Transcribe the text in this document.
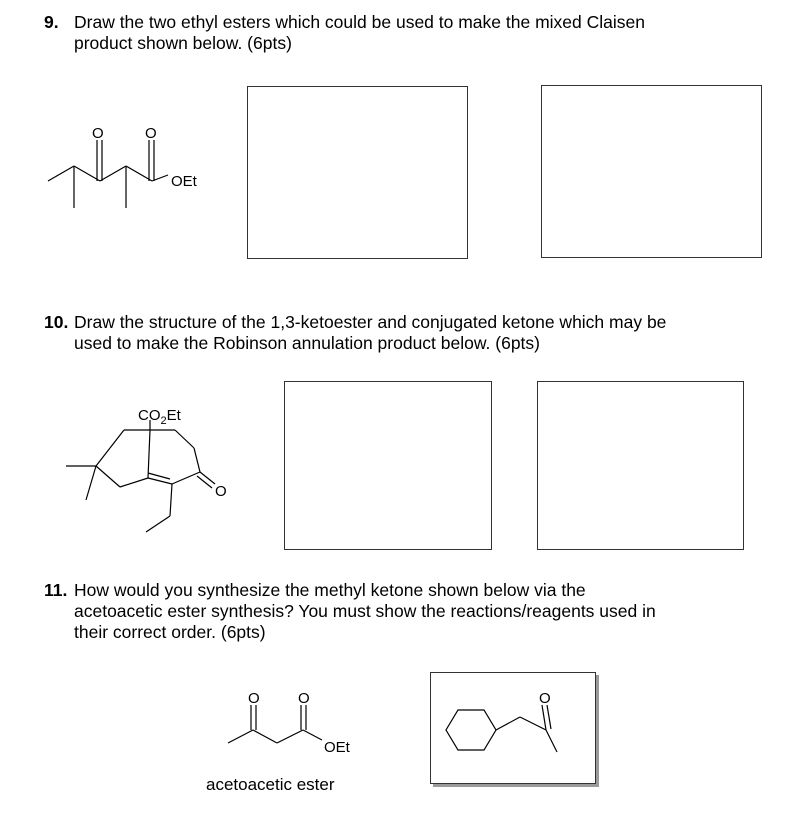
9. Draw the two ethyl esters which could be used to make the mixed Claisen
product shown below. (6pts)
O	O
OEt
10. Draw the structure of the 1,3-ketoester and conjugated ketone which may be
used to make the Robinson annulation product below. (6pts)
$CO_2Et$
O
11. How would you synthesize the methyl ketone shown below via the
acetoacetic ester synthesis? You must show the reactions/reagents used in
their correct order. (6pts)
O	O
OEt
acetoacetic ester
O
